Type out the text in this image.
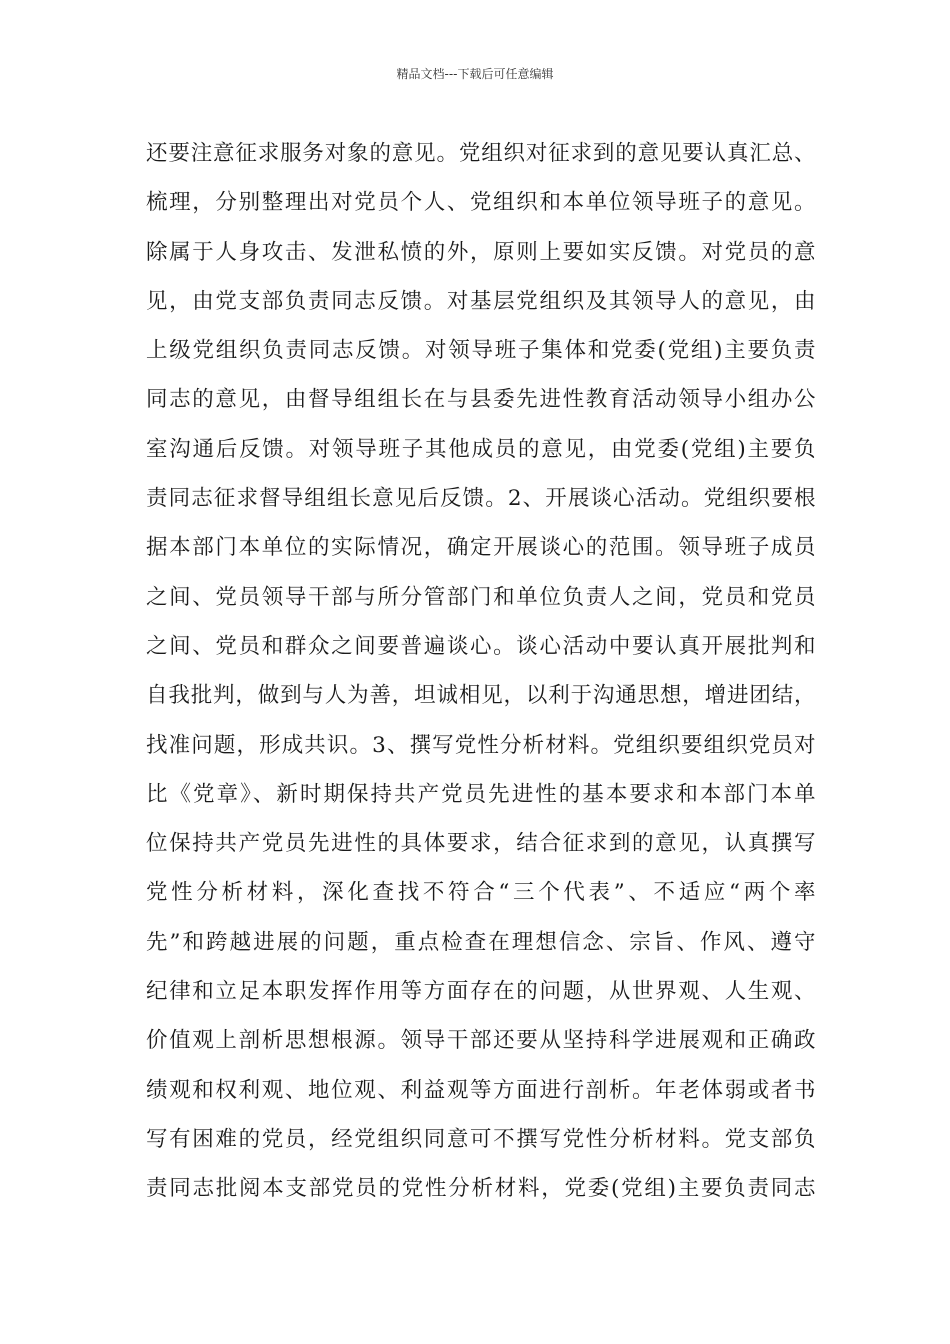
精品文档---下载后可任意编辑
还要注意征求服务对象的意见。党组织对征求到的意见要认真汇总、
梳理，分别整理出对党员个人、党组织和本单位领导班子的意见。
除属于人身攻击、发泄私愤的外，原则上要如实反馈。对党员的意
见，由党支部负责同志反馈。对基层党组织及其领导人的意见，由
上级党组织负责同志反馈。对领导班子集体和党委(党组)主要负责
同志的意见，由督导组组长在与县委先进性教育活动领导小组办公
室沟通后反馈。对领导班子其他成员的意见，由党委(党组)主要负
责同志征求督导组组长意见后反馈。2、开展谈心活动。党组织要根
据本部门本单位的实际情况，确定开展谈心的范围。领导班子成员
之间、党员领导干部与所分管部门和单位负责人之间，党员和党员
之间、党员和群众之间要普遍谈心。谈心活动中要认真开展批判和
自我批判，做到与人为善，坦诚相见，以利于沟通思想，增进团结，
找准问题，形成共识。3、撰写党性分析材料。党组织要组织党员对
比《党章》、新时期保持共产党员先进性的基本要求和本部门本单
位保持共产党员先进性的具体要求，结合征求到的意见，认真撰写
党性分析材料，深化查找不符合“三个代表”、不适应“两个率
先”和跨越进展的问题，重点检查在理想信念、宗旨、作风、遵守
纪律和立足本职发挥作用等方面存在的问题，从世界观、人生观、
价值观上剖析思想根源。领导干部还要从坚持科学进展观和正确政
绩观和权利观、地位观、利益观等方面进行剖析。年老体弱或者书
写有困难的党员，经党组织同意可不撰写党性分析材料。党支部负
责同志批阅本支部党员的党性分析材料，党委(党组)主要负责同志
